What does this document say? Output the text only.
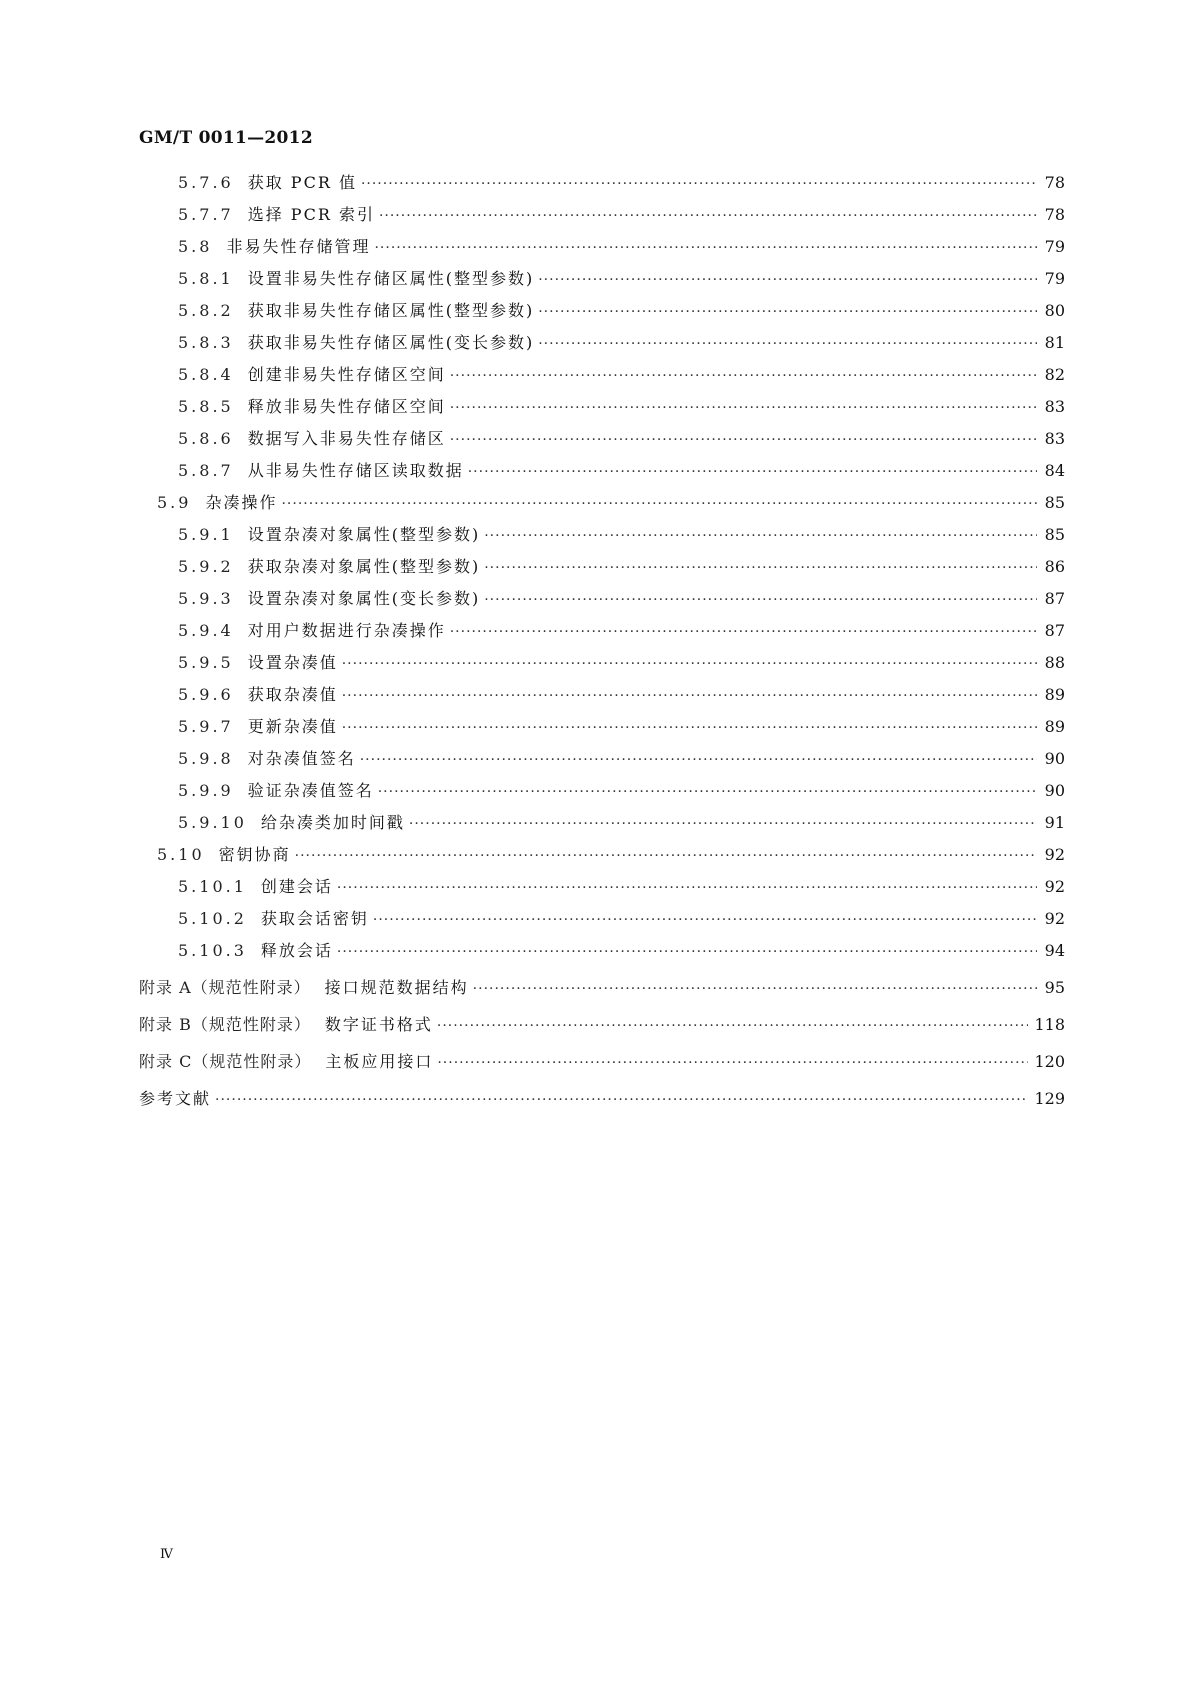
GM/T 0011—2012
5.7.6 获取 PCR 值 ·····	78
5.7.7 选择 PCR 索引 ·····	78
5.8 非易失性存储管理 ·····	79
5.8.1 设置非易失性存储区属性(整型参数) ·····	79
5.8.2 获取非易失性存储区属性(整型参数) ·····	80
5.8.3 获取非易失性存储区属性(变长参数) ·····	81
5.8.4 创建非易失性存储区空间 ·····	82
5.8.5 释放非易失性存储区空间 ·····	83
5.8.6 数据写入非易失性存储区 ·····	83
5.8.7 从非易失性存储区读取数据 ·····	84
5.9 杂凑操作 ·····	85
5.9.1 设置杂凑对象属性(整型参数) ·····	85
5.9.2 获取杂凑对象属性(整型参数) ·····	86
5.9.3 设置杂凑对象属性(变长参数) ·····	87
5.9.4 对用户数据进行杂凑操作 ·····	87
5.9.5 设置杂凑值 ·····	88
5.9.6 获取杂凑值 ·····	89
5.9.7 更新杂凑值 ·····	89
5.9.8 对杂凑值签名 ·····	90
5.9.9 验证杂凑值签名 ·····	90
5.9.10 给杂凑类加时间戳 ·····	91
5.10 密钥协商 ·····	92
5.10.1 创建会话 ·····	92
5.10.2 获取会话密钥 ·····	92
5.10.3 释放会话 ·····	94
附录 A（规范性附录） 接口规范数据结构 ·····	95
附录 B（规范性附录） 数字证书格式 ·····	118
附录 C（规范性附录） 主板应用接口 ·····	120
参考文献 ·····	129
Ⅳ
